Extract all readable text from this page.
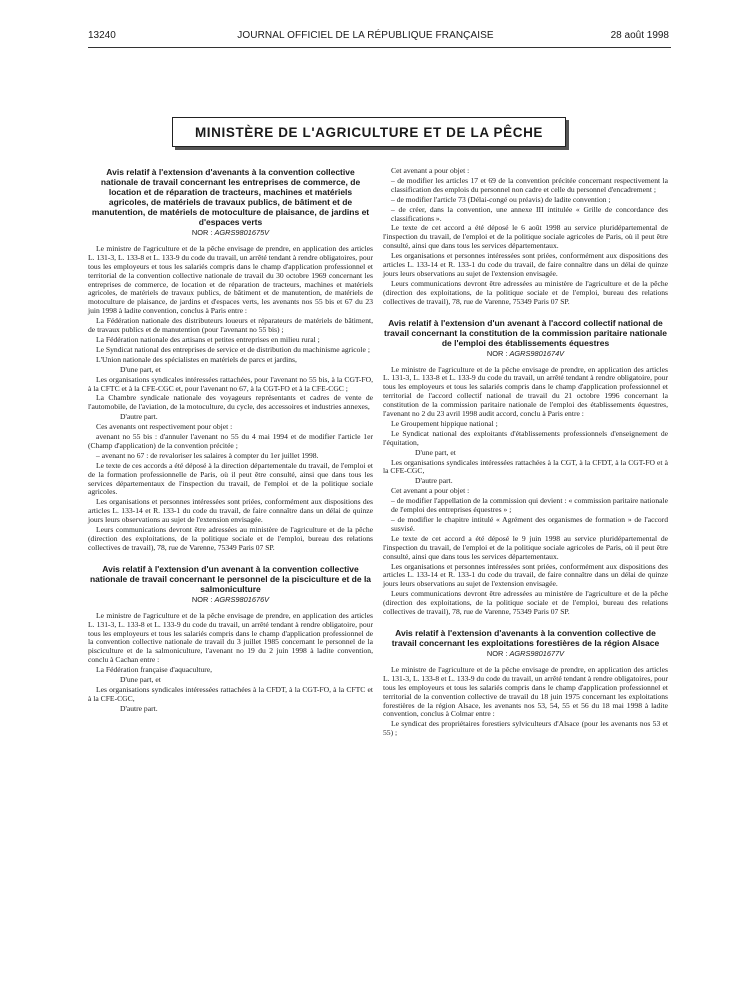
13240	JOURNAL OFFICIEL DE LA RÉPUBLIQUE FRANÇAISE	28 août 1998
MINISTÈRE DE L'AGRICULTURE ET DE LA PÊCHE
Avis relatif à l'extension d'avenants à la convention collective nationale de travail concernant les entreprises de commerce, de location et de réparation de tracteurs, machines et matériels agricoles, de matériels de travaux publics, de bâtiment et de manutention, de matériels de motoculture de plaisance, de jardins et d'espaces verts
NOR : AGRS9801675V

Le ministre de l'agriculture et de la pêche envisage de prendre, en application des articles L. 131-3, L. 133-8 et L. 133-9 du code du travail, un arrêté tendant à rendre obligatoires, pour tous les employeurs et tous les salariés compris dans le champ d'application professionnel et territorial de la convention collective nationale de travail du 30 octobre 1969 concernant les entreprises de commerce, de location et de réparation de tracteurs, machines et matériels agricoles, de matériels de travaux publics, de bâtiment et de manutention, de matériels de motoculture de plaisance, de jardins et d'espaces verts, les avenants nos 55 bis et 67 du 23 juin 1998 à ladite convention, conclus à Paris entre :

La Fédération nationale des distributeurs loueurs et réparateurs de matériels de bâtiment, de travaux publics et de manutention (pour l'avenant no 55 bis) ;

La Fédération nationale des artisans et petites entreprises en milieu rural ;

Le Syndicat national des entreprises de service et de distribution du machinisme agricole ;

L'Union nationale des spécialistes en matériels de parcs et jardins,

D'une part, et

Les organisations syndicales intéressées rattachées, pour l'avenant no 55 bis, à la CGT-FO, à la CFTC et à la CFE-CGC et, pour l'avenant no 67, à la CGT-FO et à la CFE-CGC ;

La Chambre syndicale nationale des voyageurs représentants et cadres de vente de l'automobile, de l'aviation, de la motoculture, du cycle, des accessoires et industries annexes,

D'autre part.

Ces avenants ont respectivement pour objet :

avenant no 55 bis : d'annuler l'avenant no 55 du 4 mai 1994 et de modifier l'article 1er (Champ d'application) de la convention précitée ;

– avenant no 67 : de revaloriser les salaires à compter du 1er juillet 1998.

Le texte de ces accords a été déposé à la direction départementale du travail, de l'emploi et de la formation professionnelle de Paris, où il peut être consulté, ainsi que dans tous les services départementaux de l'inspection du travail, de l'emploi et de la politique sociale agricoles.

Les organisations et personnes intéressées sont priées, conformément aux dispositions des articles L. 133-14 et R. 133-1 du code du travail, de faire connaître dans un délai de quinze jours leurs observations au sujet de l'extension envisagée.

Leurs communications devront être adressées au ministère de l'agriculture et de la pêche (direction des exploitations, de la politique sociale et de l'emploi, bureau des relations collectives de travail), 78, rue de Varenne, 75349 Paris 07 SP.

Avis relatif à l'extension d'un avenant à la convention collective nationale de travail concernant le personnel de la pisciculture et de la salmoniculture
NOR : AGRS9801676V

Le ministre de l'agriculture et de la pêche envisage de prendre, en application des articles L. 131-3, L. 133-8 et L. 133-9 du code du travail, un arrêté tendant à rendre obligatoire, pour tous les employeurs et tous les salariés compris dans le champ d'application professionnel de la convention collective nationale de travail du 3 juillet 1985 concernant le personnel de la pisciculture et de la salmoniculture, l'avenant no 19 du 2 juin 1998 à ladite convention, conclu à Cachan entre :

La Fédération française d'aquaculture,

D'une part, et

Les organisations syndicales intéressées rattachées à la CFDT, à la CGT-FO, à la CFTC et à la CFE-CGC,

D'autre part.

Cet avenant a pour objet :

– de modifier les articles 17 et 69 de la convention précitée concernant respectivement la classification des emplois du personnel non cadre et celle du personnel d'encadrement ;

– de modifier l'article 73 (Délai-congé ou préavis) de ladite convention ;

– de créer, dans la convention, une annexe III intitulée « Grille de concordance des classifications ».

Le texte de cet accord a été déposé le 6 août 1998 au service pluridépartemental de l'inspection du travail, de l'emploi et de la politique sociale agricoles de Paris, où il peut être consulté, ainsi que dans tous les services départementaux.

Les organisations et personnes intéressées sont priées, conformément aux dispositions des articles L. 133-14 et R. 133-1 du code du travail, de faire connaître dans un délai de quinze jours leurs observations au sujet de l'extension envisagée.

Leurs communications devront être adressées au ministère de l'agriculture et de la pêche (direction des exploitations, de la politique sociale et de l'emploi, bureau des relations collectives de travail), 78, rue de Varenne, 75349 Paris 07 SP.

Avis relatif à l'extension d'un avenant à l'accord collectif national de travail concernant la constitution de la commission paritaire nationale de l'emploi des établissements équestres
NOR : AGRS9801674V

Le ministre de l'agriculture et de la pêche envisage de prendre, en application des articles L. 131-3, L. 133-8 et L. 133-9 du code du travail, un arrêté tendant à rendre obligatoire, pour tous les employeurs et tous les salariés compris dans le champ d'application professionnel et territorial de l'accord collectif national de travail du 21 octobre 1996 concernant la constitution de la commission paritaire nationale de l'emploi des établissements équestres, l'avenant no 2 du 23 avril 1998 audit accord, conclu à Paris entre :

Le Groupement hippique national ;

Le Syndicat national des exploitants d'établissements professionnels d'enseignement de l'équitation,

D'une part, et

Les organisations syndicales intéressées rattachées à la CGT, à la CFDT, à la CGT-FO et à la CFE-CGC,

D'autre part.

Cet avenant a pour objet :

– de modifier l'appellation de la commission qui devient : « commission paritaire nationale de l'emploi des entreprises équestres » ;

– de modifier le chapitre intitulé « Agrément des organismes de formation » de l'accord susvisé.

Le texte de cet accord a été déposé le 9 juin 1998 au service pluridépartemental de l'inspection du travail, de l'emploi et de la politique sociale agricoles de Paris, où il peut être consulté, ainsi que dans tous les services départementaux.

Les organisations et personnes intéressées sont priées, conformément aux dispositions des articles L. 133-14 et R. 133-1 du code du travail, de faire connaître dans un délai de quinze jours leurs observations au sujet de l'extension envisagée.

Leurs communications devront être adressées au ministère de l'agriculture et de la pêche (direction des exploitations, de la politique sociale et de l'emploi, bureau des relations collectives de travail), 78, rue de Varenne, 75349 Paris 07 SP.

Avis relatif à l'extension d'avenants à la convention collective de travail concernant les exploitations forestières de la région Alsace
NOR : AGRS9801677V

Le ministre de l'agriculture et de la pêche envisage de prendre, en application des articles L. 131-3, L. 133-8 et L. 133-9 du code du travail, un arrêté tendant à rendre obligatoires, pour tous les employeurs et tous les salariés compris dans le champ d'application professionnel et territorial de la convention collective de travail du 18 juin 1975 concernant les exploitations forestières de la région Alsace, les avenants nos 53, 54, 55 et 56 du 18 mai 1998 à ladite convention, conclus à Colmar entre :

Le syndicat des propriétaires forestiers sylviculteurs d'Alsace (pour les avenants nos 53 et 55) ;
